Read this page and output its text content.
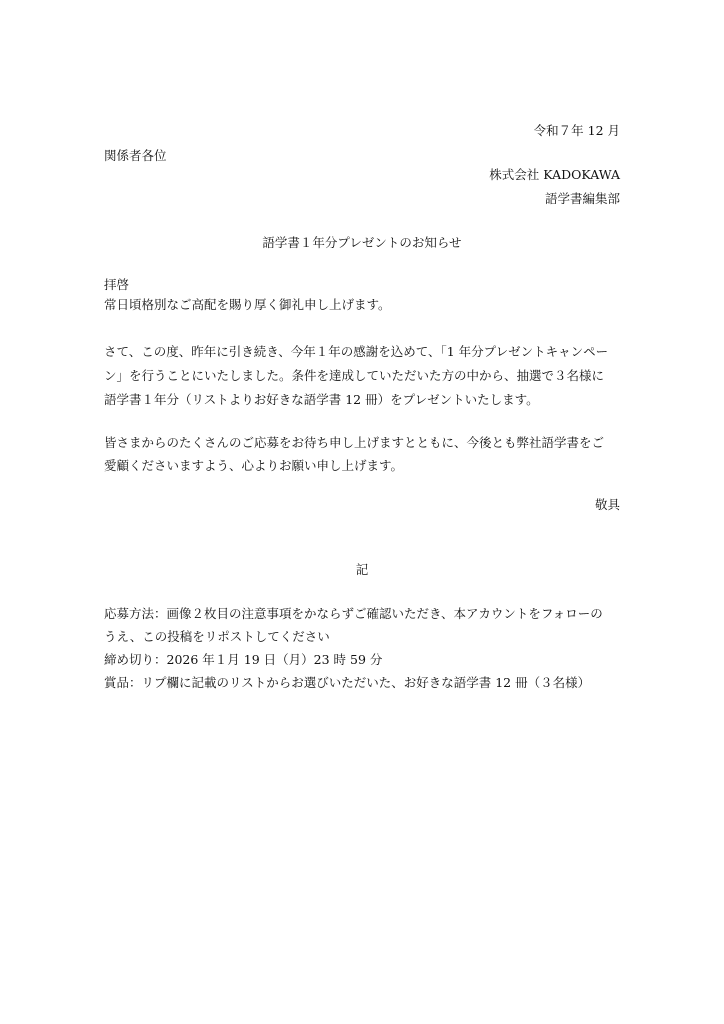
令和７年 12 月
関係者各位
株式会社 KADOKAWA
語学書編集部
語学書１年分プレゼントのお知らせ
拝啓
常日頃格別なご高配を賜り厚く御礼申し上げます。
さて、この度、昨年に引き続き、今年１年の感謝を込めて、「1 年分プレゼントキャンペー
ン」を行うことにいたしました。条件を達成していただいた方の中から、抽選で３名様に
語学書１年分（リストよりお好きな語学書 12 冊）をプレゼントいたします。
皆さまからのたくさんのご応募をお待ち申し上げますとともに、今後とも弊社語学書をご
愛顧くださいますよう、心よりお願い申し上げます。
敬具
記
応募方法：画像２枚目の注意事項をかならずご確認いただき、本アカウントをフォローの
うえ、この投稿をリポストしてください
締め切り：2026 年１月 19 日（月）23 時 59 分
賞品：リプ欄に記載のリストからお選びいただいた、お好きな語学書 12 冊（３名様）
